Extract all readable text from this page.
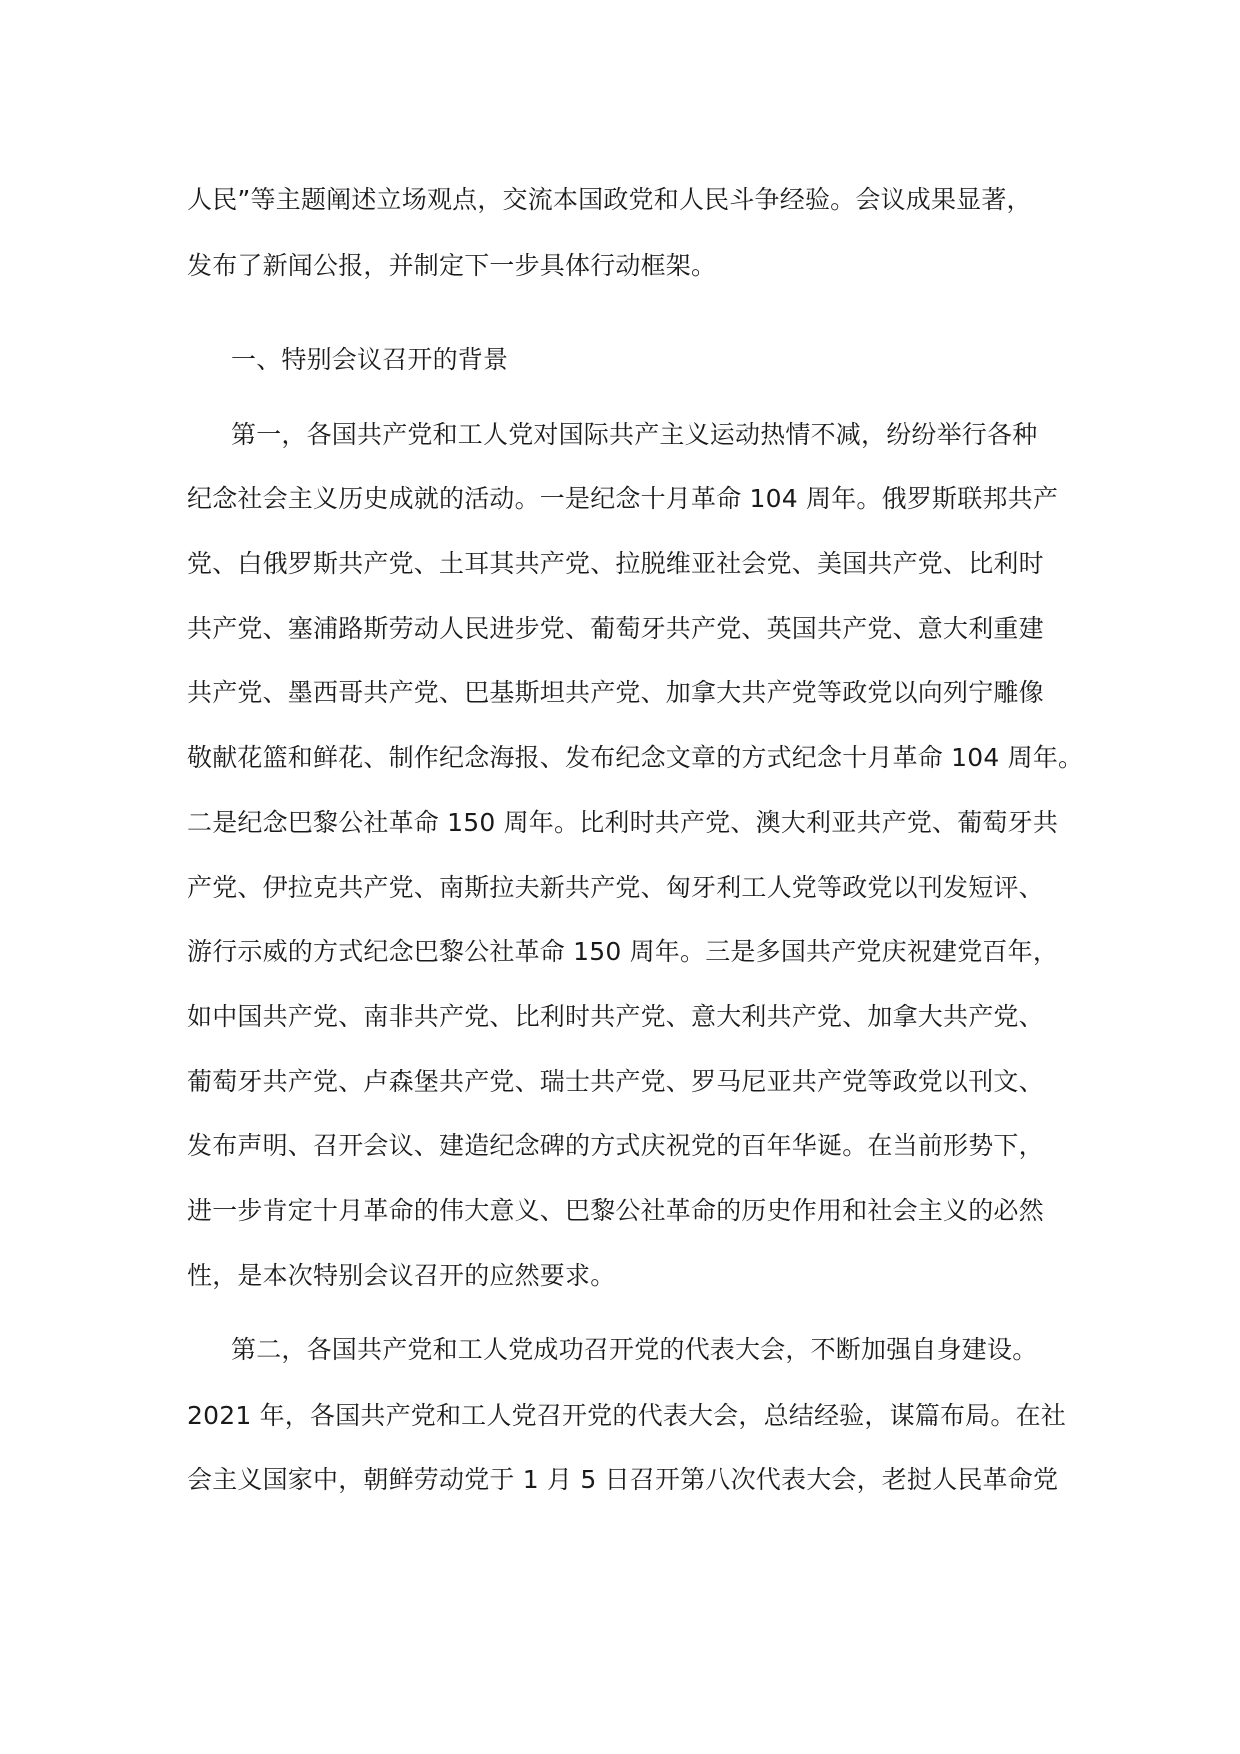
人民”等主题阐述立场观点，交流本国政党和人民斗争经验。会议成果显著，
发布了新闻公报，并制定下一步具体行动框架。
一、特别会议召开的背景
第一，各国共产党和工人党对国际共产主义运动热情不减，纷纷举行各种
纪念社会主义历史成就的活动。一是纪念十月革命 104 周年。俄罗斯联邦共产
党、白俄罗斯共产党、土耳其共产党、拉脱维亚社会党、美国共产党、比利时
共产党、塞浦路斯劳动人民进步党、葡萄牙共产党、英国共产党、意大利重建
共产党、墨西哥共产党、巴基斯坦共产党、加拿大共产党等政党以向列宁雕像
敬献花篮和鲜花、制作纪念海报、发布纪念文章的方式纪念十月革命 104 周年。
二是纪念巴黎公社革命 150 周年。比利时共产党、澳大利亚共产党、葡萄牙共
产党、伊拉克共产党、南斯拉夫新共产党、匈牙利工人党等政党以刊发短评、
游行示威的方式纪念巴黎公社革命 150 周年。三是多国共产党庆祝建党百年，
如中国共产党、南非共产党、比利时共产党、意大利共产党、加拿大共产党、
葡萄牙共产党、卢森堡共产党、瑞士共产党、罗马尼亚共产党等政党以刊文、
发布声明、召开会议、建造纪念碑的方式庆祝党的百年华诞。在当前形势下，
进一步肯定十月革命的伟大意义、巴黎公社革命的历史作用和社会主义的必然
性，是本次特别会议召开的应然要求。
第二，各国共产党和工人党成功召开党的代表大会，不断加强自身建设。
2021 年，各国共产党和工人党召开党的代表大会，总结经验，谋篇布局。在社
会主义国家中，朝鲜劳动党于 1 月 5 日召开第八次代表大会，老挝人民革命党
